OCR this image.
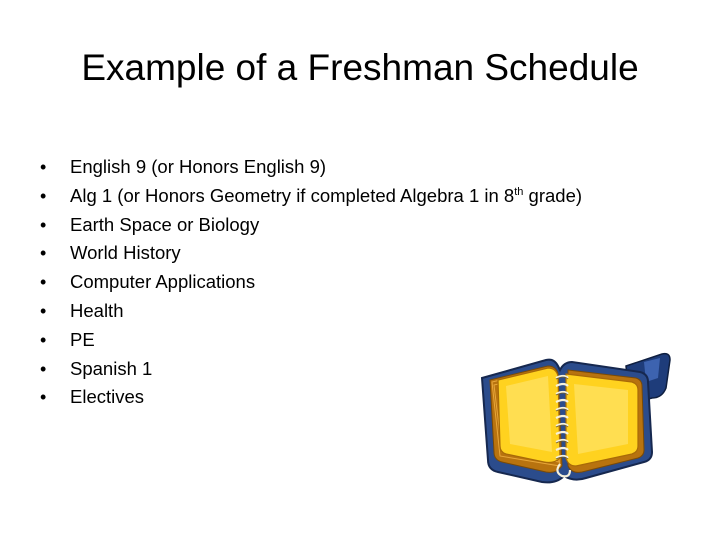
Example of a Freshman Schedule
•	English 9 (or Honors English 9)
•	Alg 1 (or Honors Geometry if completed Algebra 1 in 8th grade)
•	Earth Space or Biology
•	World History
•	Computer Applications
•	Health
•	PE
•	Spanish 1
•	Electives
